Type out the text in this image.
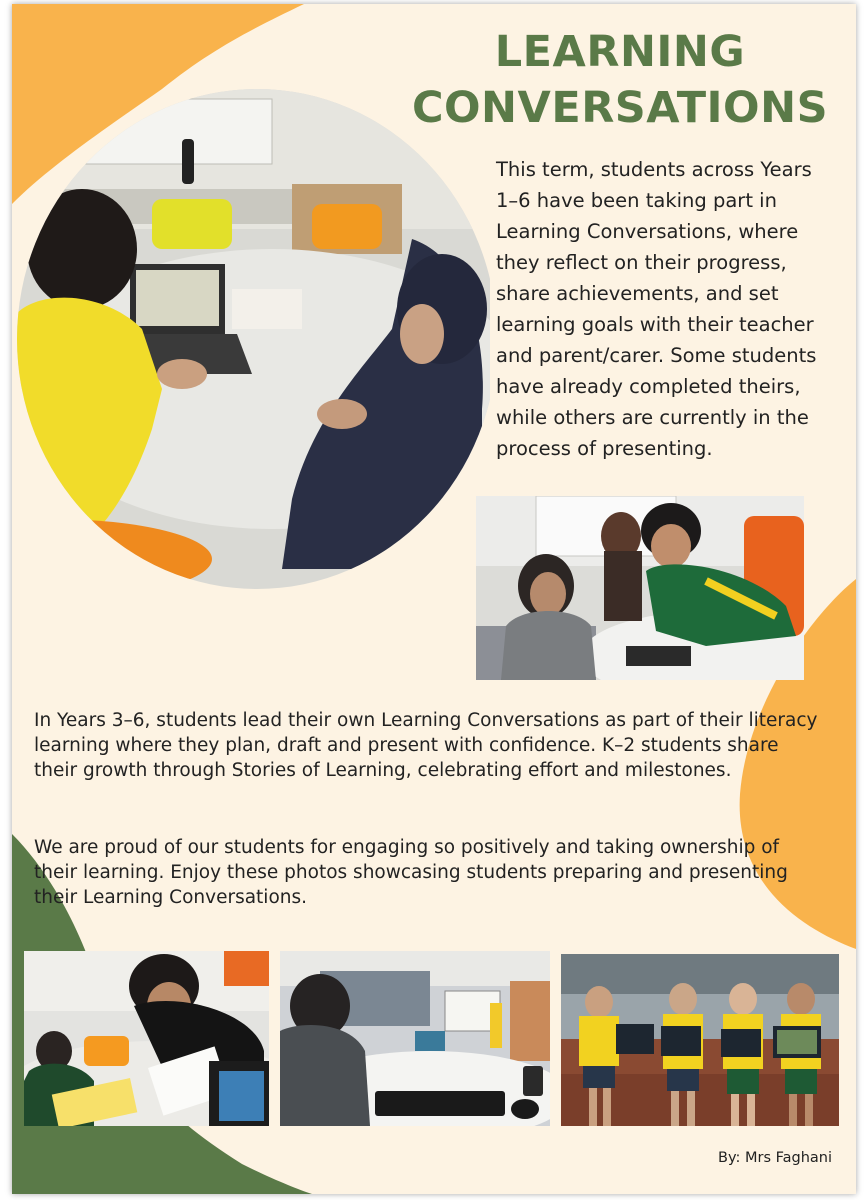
LEARNING
CONVERSATIONS

This term, students across Years 1–6 have been taking part in Learning Conversations, where they reflect on their progress, share achievements, and set learning goals with their teacher and parent/carer. Some students have already completed theirs, while others are currently in the process of presenting.

In Years 3–6, students lead their own Learning Conversations as part of their literacy learning where they plan, draft and present with confidence. K–2 students share their growth through Stories of Learning, celebrating effort and milestones.

We are proud of our students for engaging so positively and taking ownership of their learning. Enjoy these photos showcasing students preparing and presenting their Learning Conversations.

By: Mrs Faghani
